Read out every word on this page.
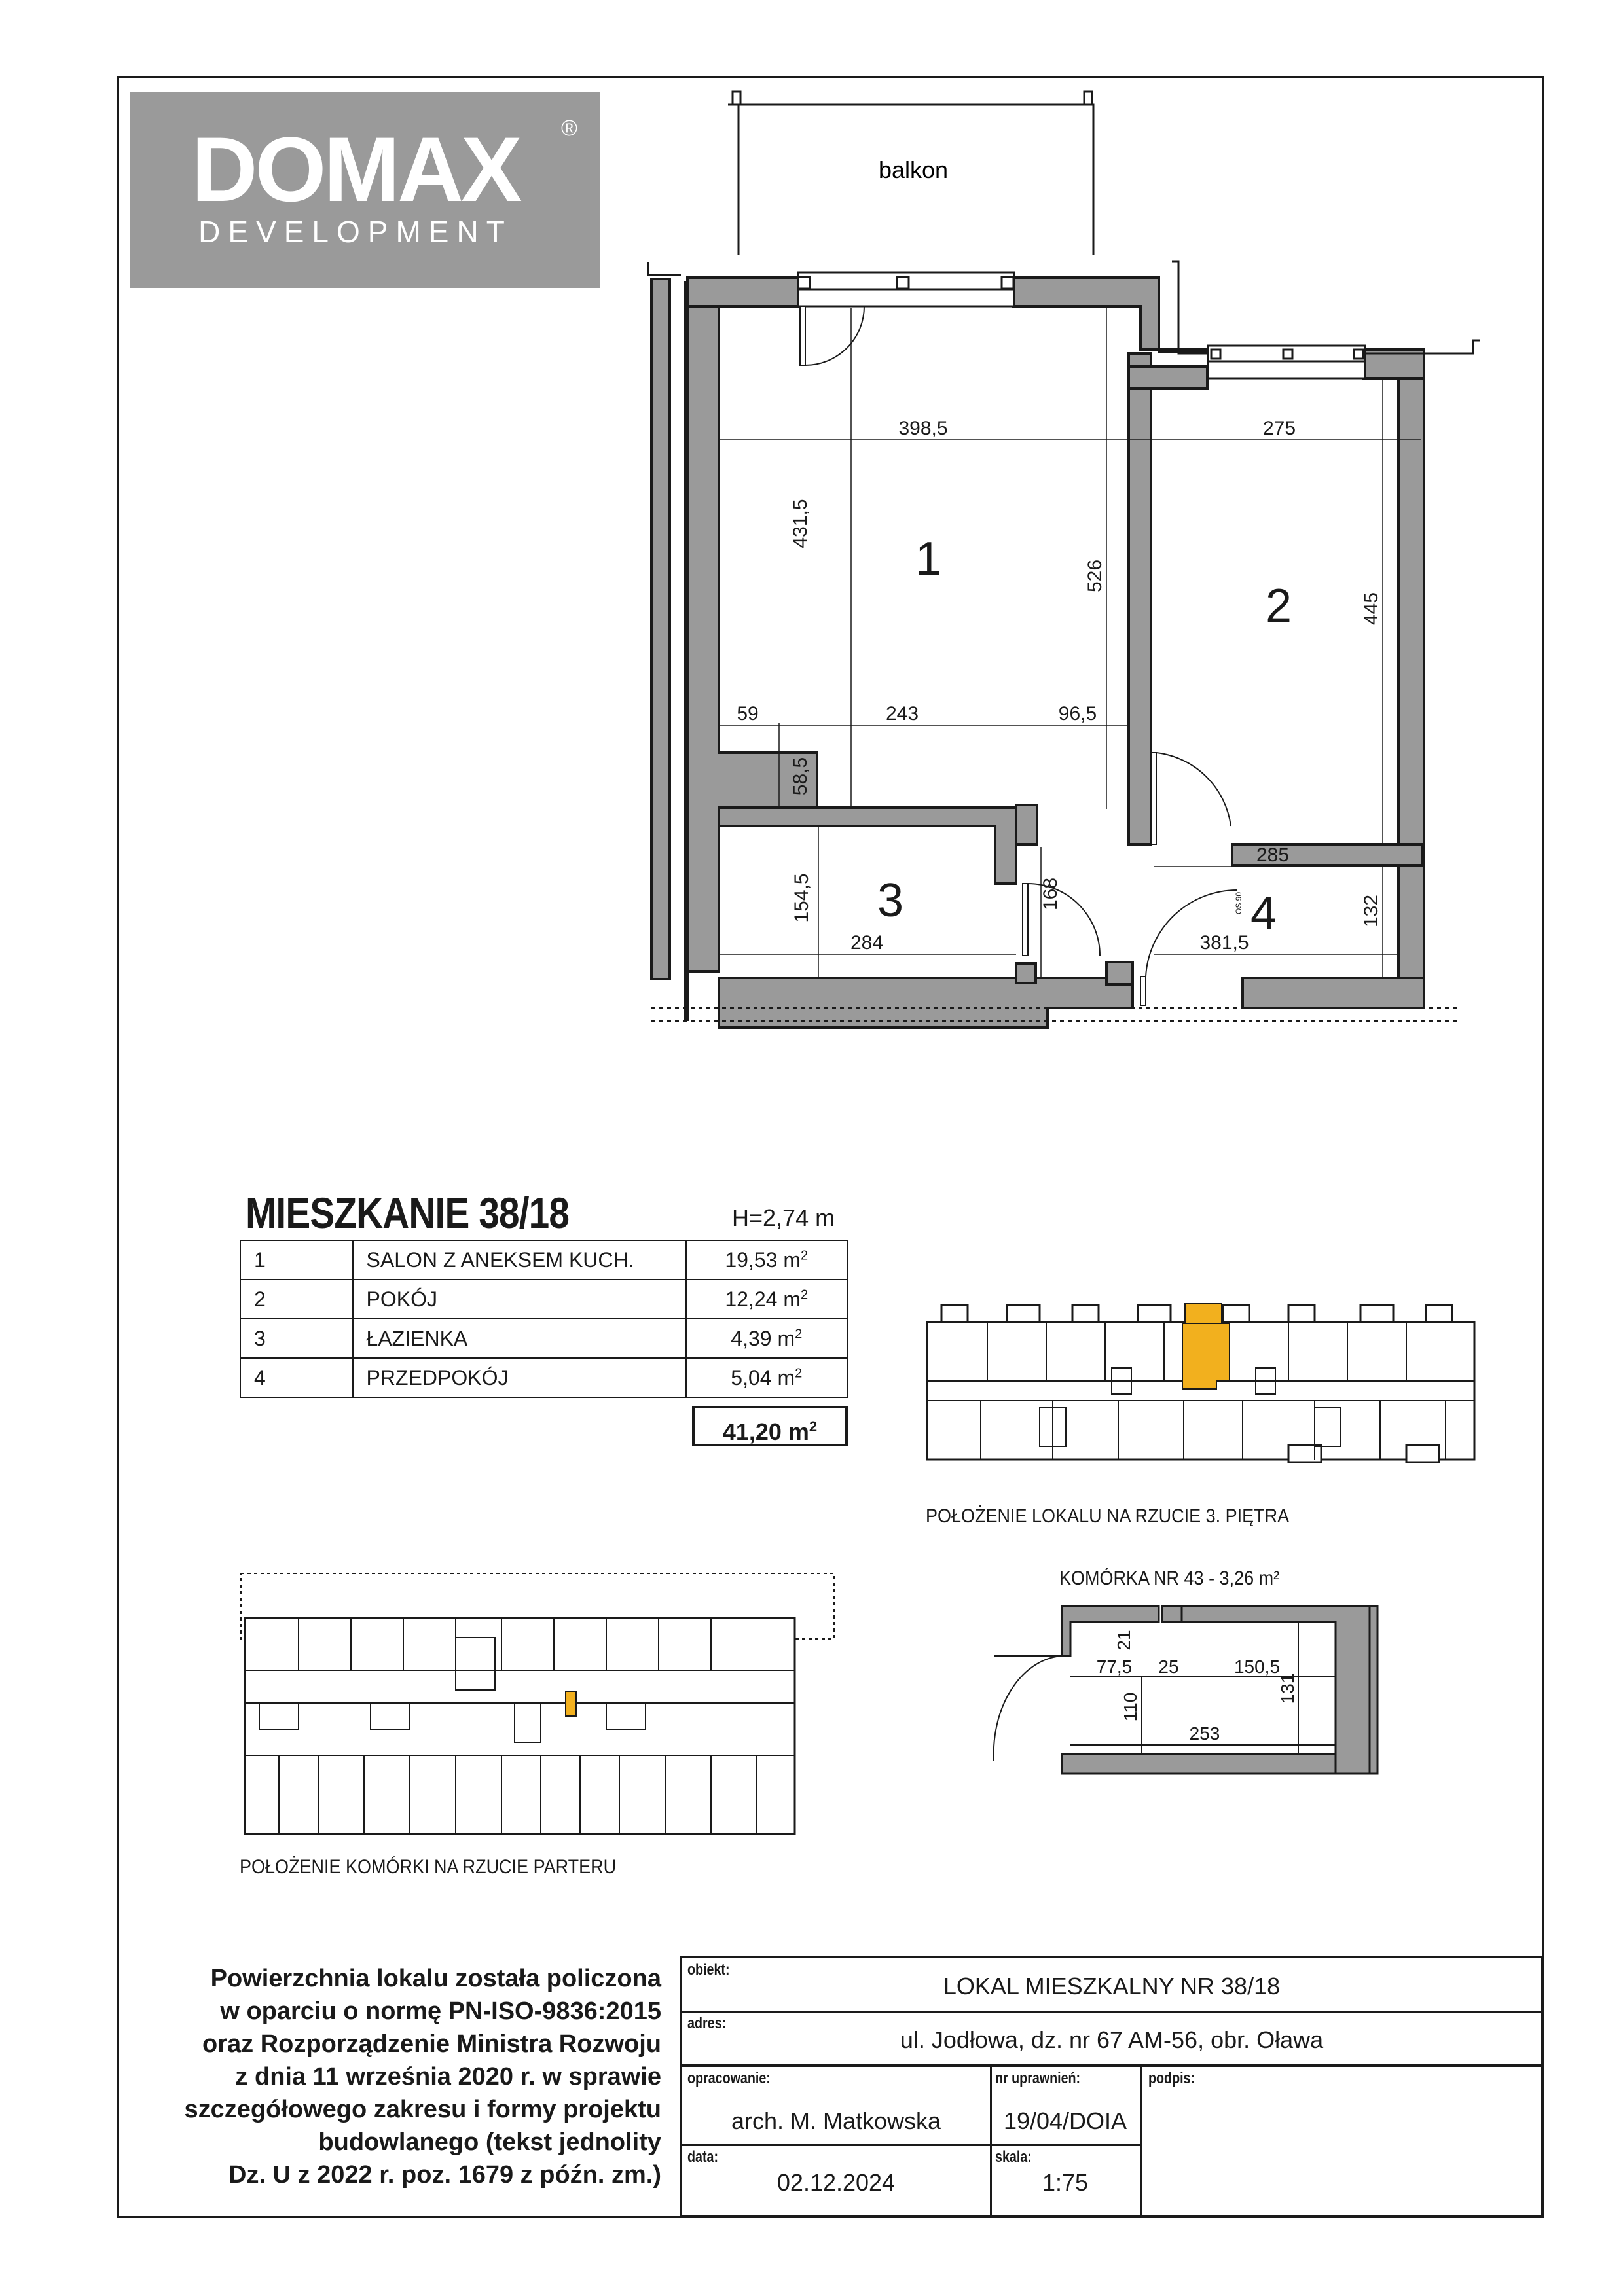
DOMAX	®
DEVELOPMENT
balkon
1
2
3	4
398,5	275
431,5
526
445
59	243	96,5
58,5
285
154,5
284
168
381,5
132
OS 90
MIESZKANIE 38/18	H=2,74 m
1	SALON Z ANEKSEM KUCH.	19,53 $m^2$
2	POKÓJ	12,24 $m^2$
3	ŁAZIENKA	4,39 $m^2$
4	PRZEDPOKÓJ	5,04 $m^2$
41,20 $m^2$
POŁOŻENIE LOKALU NA RZUCIE 3. PIĘTRA
POŁOŻENIE KOMÓRKI NA RZUCIE PARTERU
KOMÓRKA NR 43 - 3,26 m²
77,5 25	150,5
21
110
131
253
Powierzchnia lokalu została policzona
w oparciu o normę PN-ISO-9836:2015
oraz Rozporządzenie Ministra Rozwoju
z dnia 11 września 2020 r. w sprawie
szczegółowego zakresu i formy projektu
budowlanego (tekst jednolity
Dz. U z 2022 r. poz. 1679 z późn. zm.)
obiekt:
LOKAL MIESZKALNY NR 38/18
adres:
ul. Jodłowa, dz. nr 67 AM-56, obr. Oława
opracowanie:
arch. M. Matkowska
nr uprawnień:
19/04/DOIA
podpis:
data:
02.12.2024
skala:
1:75
